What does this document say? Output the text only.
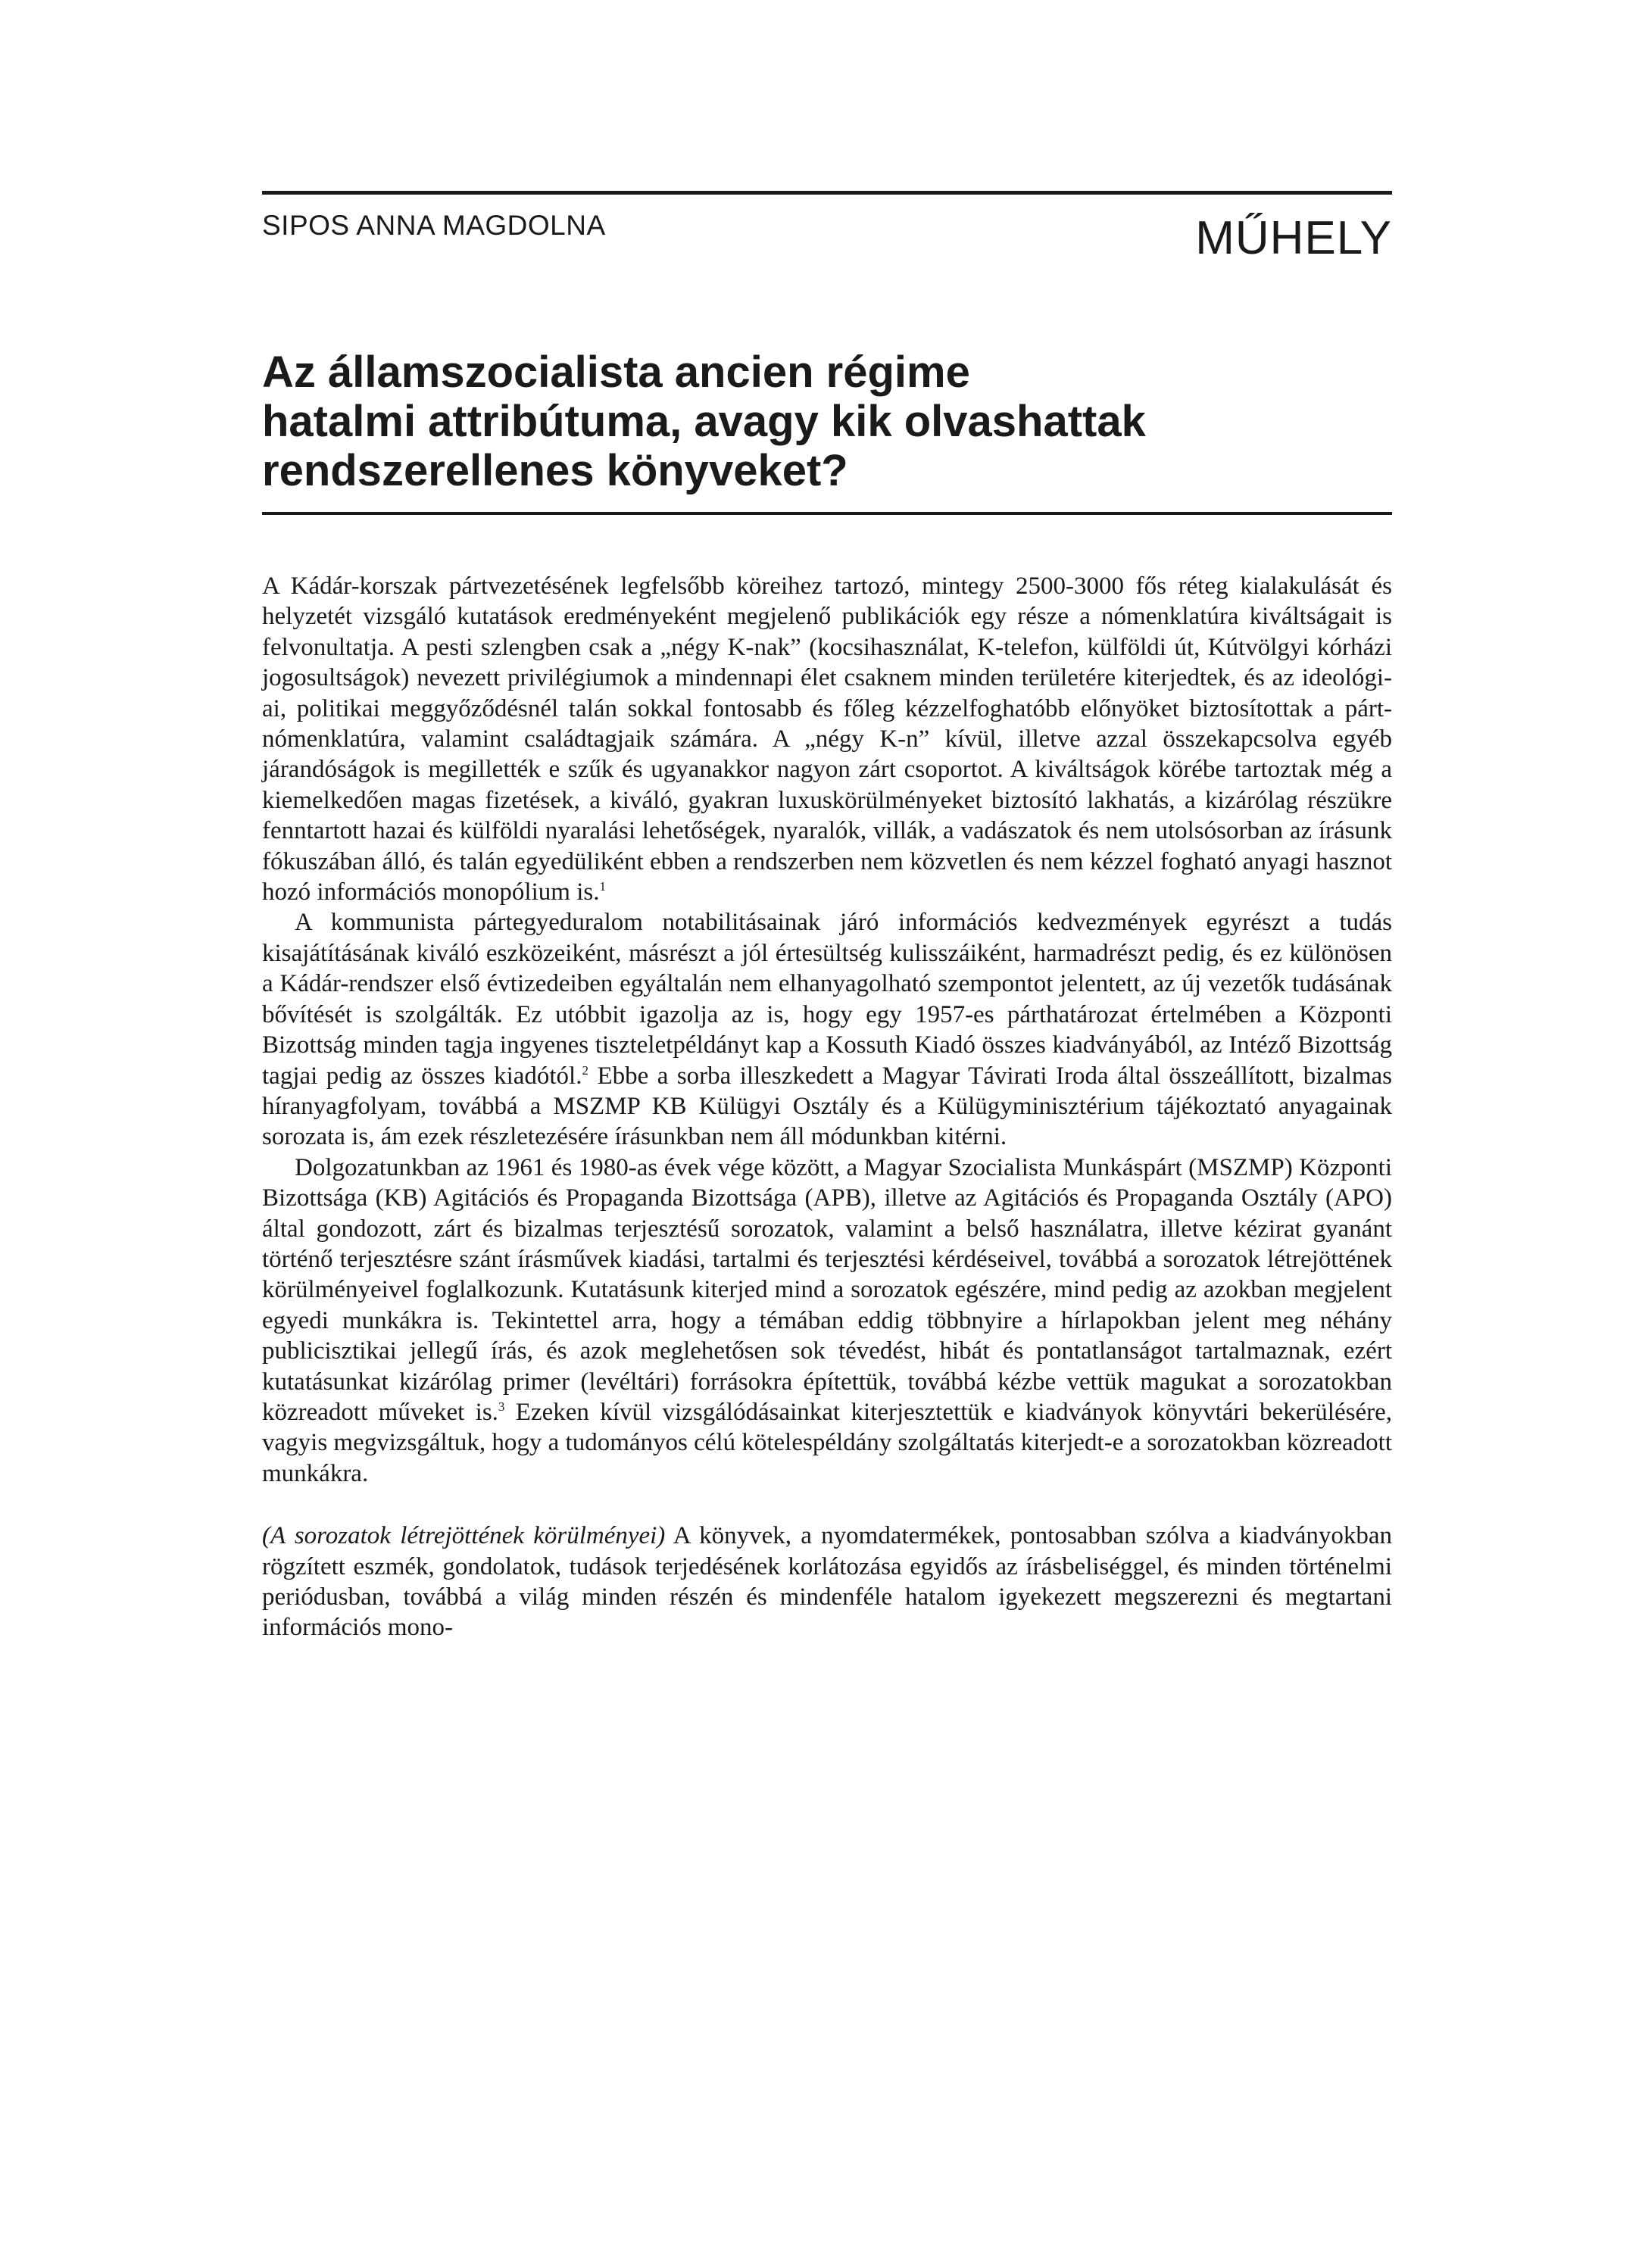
SIPOS ANNA MAGDOLNA	MŰHELY
Az államszocialista ancien régime
hatalmi attribútuma, avagy kik olvashattak
rendszerellenes könyveket?

A Kádár-korszak pártvezetésének legfelsőbb köreihez tartozó, mintegy 2500-3000 fős réteg kialakulását és helyzetét vizsgáló kutatások eredményeként megjelenő publikációk egy része a nómenklatúra kiváltságait is felvonultatja. A pesti szlengben csak a „négy K-nak” (kocsihasználat, K-telefon, külföldi út, Kútvölgyi kórházi jogosultságok) nevezett privilégiumok a mindennapi élet csaknem minden területére kiterjedtek, és az ideológiai, politikai meggyőződésnél talán sokkal fontosabb és főleg kézzelfoghatóbb előnyöket biztosítottak a párt-nómenklatúra, valamint családtagjaik számára. A „négy K-n” kívül, illetve azzal összekapcsolva egyéb járandóságok is megillették e szűk és ugyanakkor nagyon zárt csoportot. A kiváltságok körébe tartoztak még a kiemelkedően magas fizetések, a kiváló, gyakran luxuskörülményeket biztosító lakhatás, a kizárólag részükre fenntartott hazai és külföldi nyaralási lehetőségek, nyaralók, villák, a vadászatok és nem utolsósorban az írásunk fókuszában álló, és talán egyedüliként ebben a rendszerben nem közvetlen és nem kézzel fogható anyagi hasznot hozó információs monopólium is.$^1$

A kommunista pártegyeduralom notabilitásainak járó információs kedvezmények egyrészt a tudás kisajátításának kiváló eszközeiként, másrészt a jól értesültség kulisszáiként, harmadrészt pedig, és ez különösen a Kádár-rendszer első évtizedeiben egyáltalán nem elhanyagolható szempontot jelentett, az új vezetők tudásának bővítését is szolgálták. Ez utóbbit igazolja az is, hogy egy 1957-es párthatározat értelmében a Központi Bizottság minden tagja ingyenes tiszteletpéldányt kap a Kossuth Kiadó összes kiadványából, az Intéző Bizottság tagjai pedig az összes kiadótól.$^2$ Ebbe a sorba illeszkedett a Magyar Távirati Iroda által összeállított, bizalmas híranyagfolyam, továbbá a MSZMP KB Külügyi Osztály és a Külügyminisztérium tájékoztató anyagainak sorozata is, ám ezek részletezésére írásunkban nem áll módunkban kitérni.

Dolgozatunkban az 1961 és 1980-as évek vége között, a Magyar Szocialista Munkáspárt (MSZMP) Központi Bizottsága (KB) Agitációs és Propaganda Bizottsága (APB), illetve az Agitációs és Propaganda Osztály (APO) által gondozott, zárt és bizalmas terjesztésű sorozatok, valamint a belső használatra, illetve kézirat gyanánt történő terjesztésre szánt írásművek kiadási, tartalmi és terjesztési kérdéseivel, továbbá a sorozatok létrejöttének körülményeivel foglalkozunk. Kutatásunk kiterjed mind a sorozatok egészére, mind pedig az azokban megjelent egyedi munkákra is. Tekintettel arra, hogy a témában eddig többnyire a hírlapokban jelent meg néhány publicisztikai jellegű írás, és azok meglehetősen sok tévedést, hibát és pontatlanságot tartalmaznak, ezért kutatásunkat kizárólag primer (levéltári) forrásokra építettük, továbbá kézbe vettük magukat a sorozatokban közreadott műveket is.$^3$ Ezeken kívül vizsgálódásainkat kiterjesztettük e kiadványok könyvtári bekerülésére, vagyis megvizsgáltuk, hogy a tudományos célú kötelespéldány szolgáltatás kiterjedt-e a sorozatokban közreadott munkákra.

(A sorozatok létrejöttének körülményei) A könyvek, a nyomdatermékek, pontosabban szólva a kiadványokban rögzített eszmék, gondolatok, tudások terjedésének korlátozása egyidős az írásbeliséggel, és minden történelmi periódusban, továbbá a világ minden részén és mindenféle hatalom igyekezett megszerezni és megtartani információs mono-
